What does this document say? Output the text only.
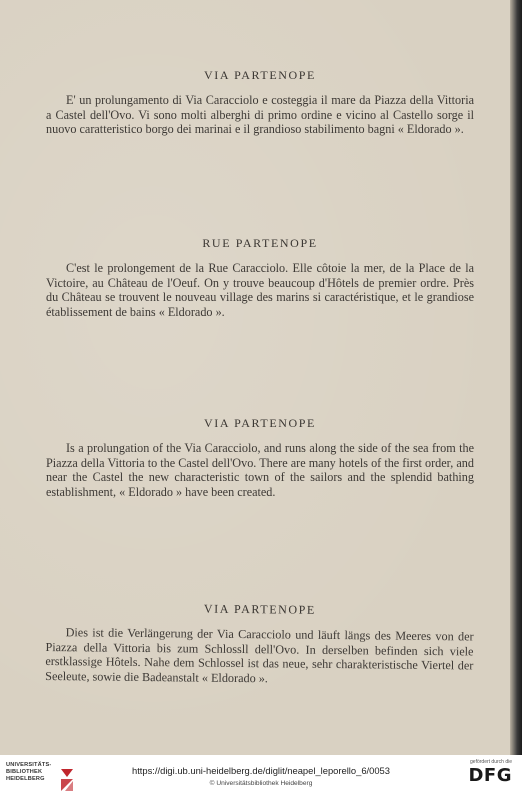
VIA PARTENOPE

E' un prolungamento di Via Caracciolo e costeggia il mare da Piazza della Vittoria a Castel dell'Ovo. Vi sono molti alberghi di primo ordine e vicino al Castello sorge il nuovo caratteristico borgo dei marinai e il grandioso stabilimento bagni « Eldorado ».

RUE PARTENOPE

C'est le prolongement de la Rue Caracciolo. Elle côtoie la mer, de la Place de la Victoire, au Château de l'Oeuf. On y trouve beaucoup d'Hôtels de premier ordre. Près du Château se trouvent le nouveau village des marins si caractéristique, et le grandiose établissement de bains « Eldorado ».

VIA PARTENOPE

Is a prolungation of the Via Caracciolo, and runs along the side of the sea from the Piazza della Vittoria to the Castel dell'Ovo. There are many hotels of the first order, and near the Castel the new characteristic town of the sailors and the splendid bathing establishment, « Eldorado » have been created.

VIA PARTENOPE

Dies ist die Verlängerung der Via Caracciolo und läuft längs des Meeres von der Piazza della Vittoria bis zum Schlossll dell'Ovo. In derselben befinden sich viele erstklassige Hôtels. Nahe dem Schlossel ist das neue, sehr charakteristische Viertel der Seeleute, sowie die Badeanstalt « Eldorado ».

UNIVERSITÄTS-
BIBLIOTHEK
HEIDELBERG
https://digi.ub.uni-heidelberg.de/diglit/neapel_leporello_6/0053
© Universitätsbibliothek Heidelberg
gefördert durch die
DFG
